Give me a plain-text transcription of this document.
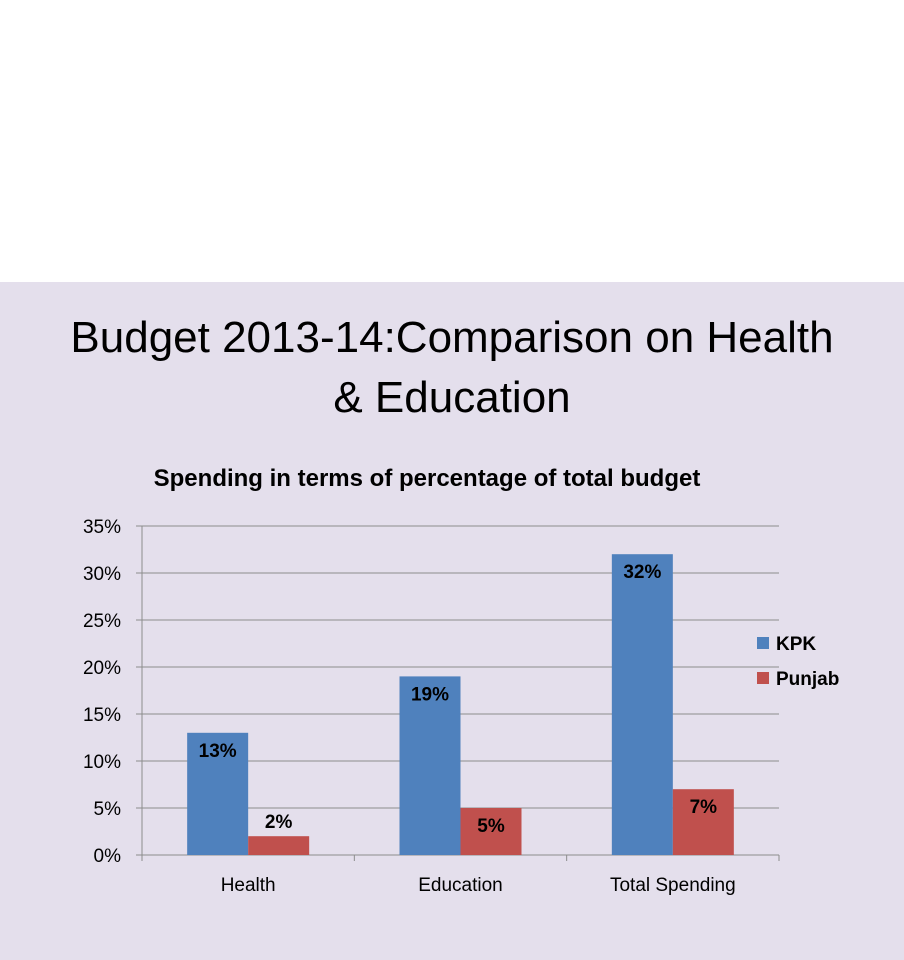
Budget 2013-14:Comparison on Health
& Education
Spending in terms of percentage of total budget
0%
5%
10%
15%
20%
25%
30%
35%
Health	Education	Total Spending
13%
2%
19%
5%
32%
7%
KPK
Punjab
